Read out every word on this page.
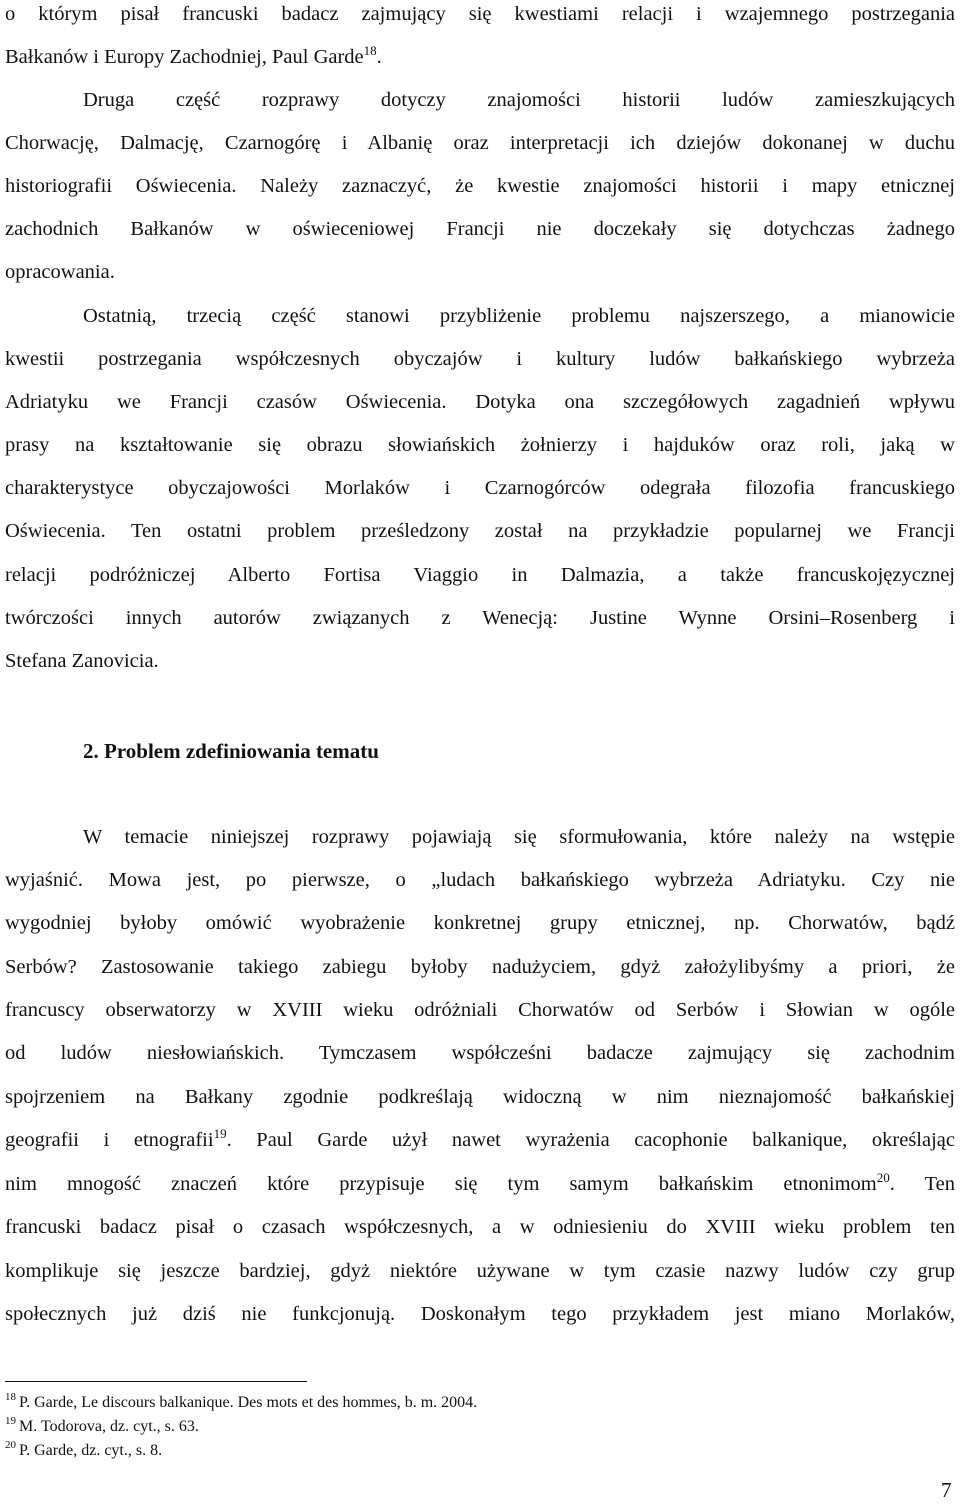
o którym pisał francuski badacz zajmujący się kwestiami relacji i wzajemnego postrzegania
Bałkanów i Europy Zachodniej, Paul Garde$^{18}$.
Druga część rozprawy dotyczy znajomości historii ludów zamieszkujących
Chorwację, Dalmację, Czarnogórę i Albanię oraz interpretacji ich dziejów dokonanej w duchu
historiografii Oświecenia. Należy zaznaczyć, że kwestie znajomości historii i mapy etnicznej
zachodnich Bałkanów w oświeceniowej Francji nie doczekały się dotychczas żadnego
opracowania.
Ostatnią, trzecią część stanowi przybliżenie problemu najszerszego, a mianowicie
kwestii postrzegania współczesnych obyczajów i kultury ludów bałkańskiego wybrzeża
Adriatyku we Francji czasów Oświecenia. Dotyka ona szczegółowych zagadnień wpływu
prasy na kształtowanie się obrazu słowiańskich żołnierzy i hajduków oraz roli, jaką w
charakterystyce obyczajowości Morlaków i Czarnogórców odegrała filozofia francuskiego
Oświecenia. Ten ostatni problem prześledzony został na przykładzie popularnej we Francji
relacji podróżniczej Alberto Fortisa Viaggio in Dalmazia, a także francuskojęzycznej
twórczości innych autorów związanych z Wenecją: Justine Wynne Orsini–Rosenberg i
Stefana Zanovicia.
2. Problem zdefiniowania tematu
W temacie niniejszej rozprawy pojawiają się sformułowania, które należy na wstępie
wyjaśnić. Mowa jest, po pierwsze, o „ludach bałkańskiego wybrzeża Adriatyku. Czy nie
wygodniej byłoby omówić wyobrażenie konkretnej grupy etnicznej, np. Chorwatów, bądź
Serbów? Zastosowanie takiego zabiegu byłoby nadużyciem, gdyż założylibyśmy a priori, że
francuscy obserwatorzy w XVIII wieku odróżniali Chorwatów od Serbów i Słowian w ogóle
od ludów niesłowiańskich. Tymczasem współcześni badacze zajmujący się zachodnim
spojrzeniem na Bałkany zgodnie podkreślają widoczną w nim nieznajomość bałkańskiej
geografii i etnografii$^{19}$. Paul Garde użył nawet wyrażenia cacophonie balkanique, określając
nim mnogość znaczeń które przypisuje się tym samym bałkańskim etnonimom$^{20}$. Ten
francuski badacz pisał o czasach współczesnych, a w odniesieniu do XVIII wieku problem ten
komplikuje się jeszcze bardziej, gdyż niektóre używane w tym czasie nazwy ludów czy grup
społecznych już dziś nie funkcjonują. Doskonałym tego przykładem jest miano Morlaków,
$^{18}$ P. Garde, Le discours balkanique. Des mots et des hommes, b. m. 2004.
$^{19}$ M. Todorova, dz. cyt., s. 63.
$^{20}$ P. Garde, dz. cyt., s. 8.
7
